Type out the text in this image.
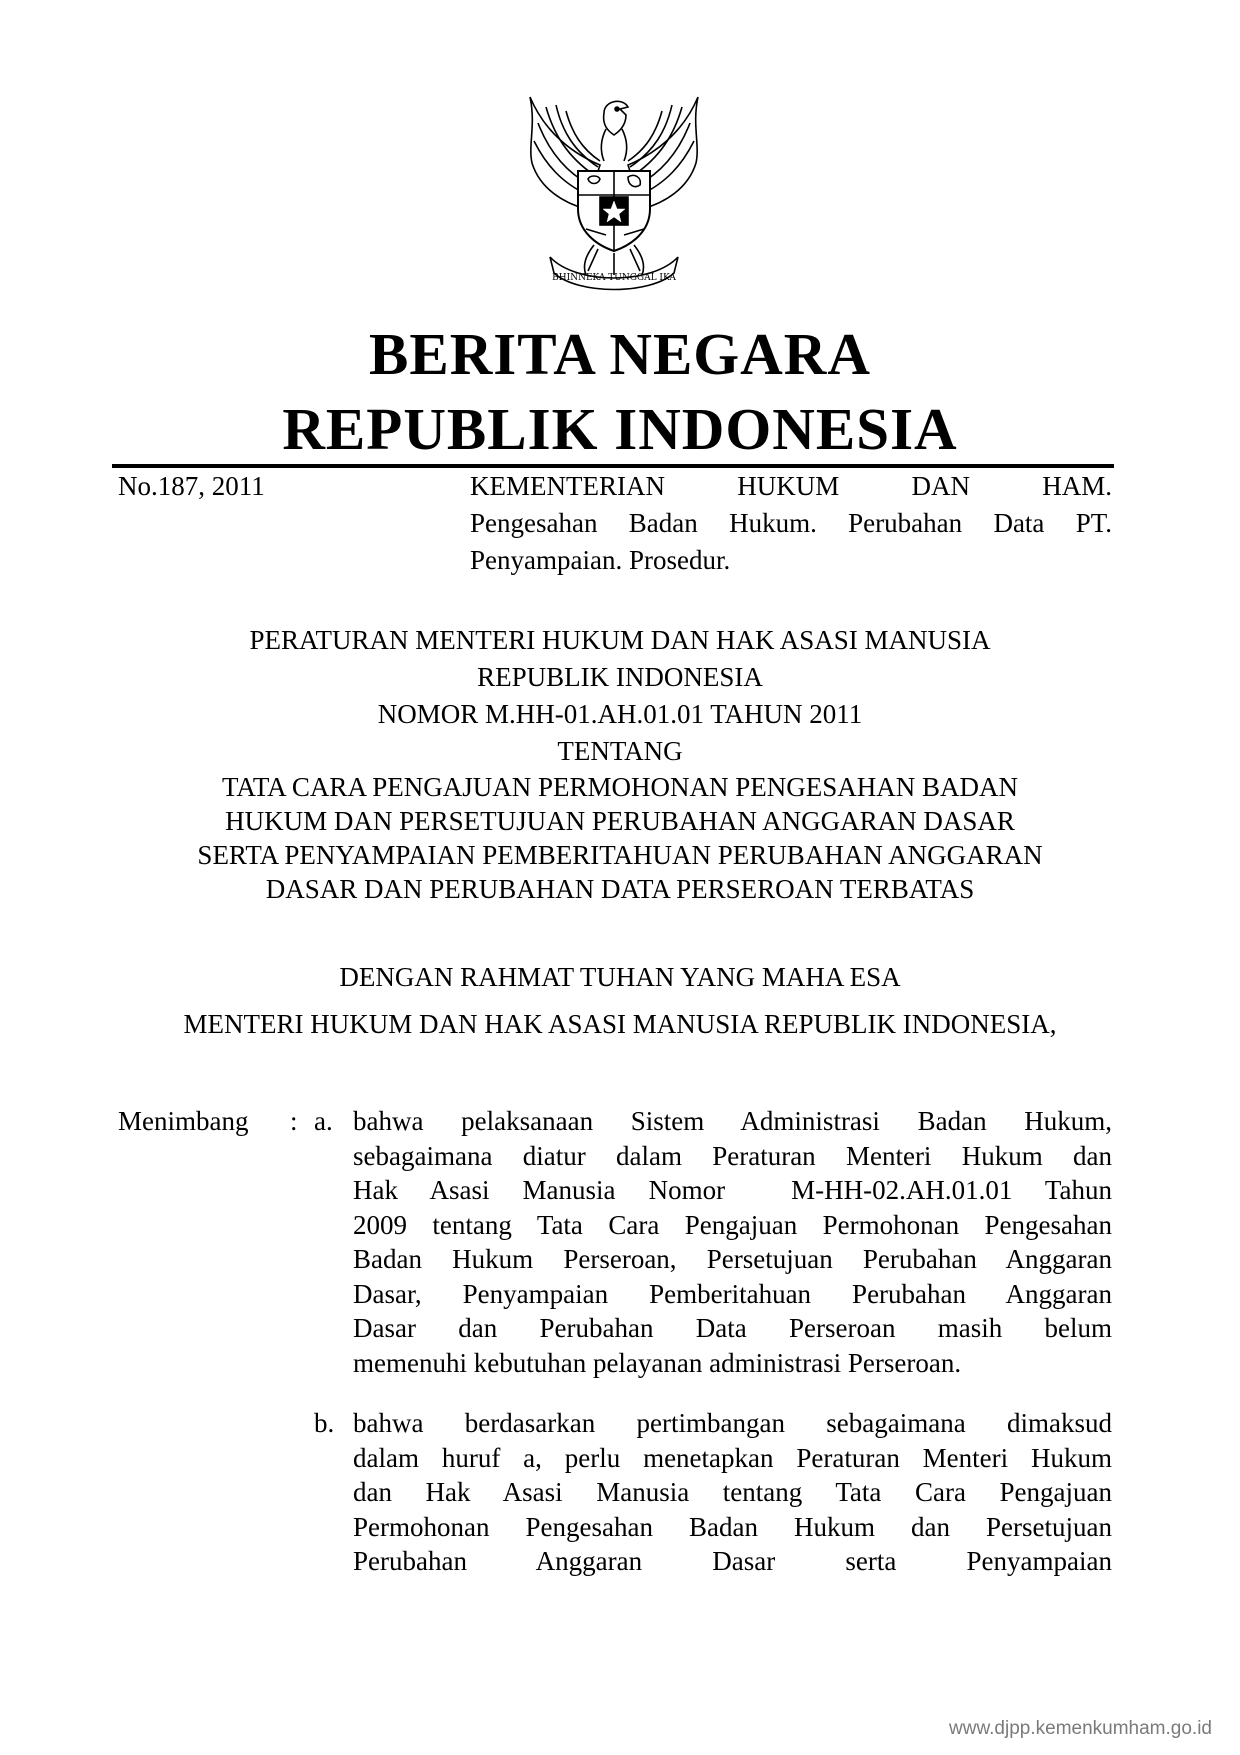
BHINNEKA TUNGGAL IKA
BERITA NEGARA
REPUBLIK INDONESIA
No.187, 2011	KEMENTERIAN HUKUM DAN HAM.
Pengesahan Badan Hukum. Perubahan Data PT.
Penyampaian. Prosedur.
PERATURAN MENTERI HUKUM DAN HAK ASASI MANUSIA
REPUBLIK INDONESIA
NOMOR M.HH-01.AH.01.01 TAHUN 2011
TENTANG
TATA CARA PENGAJUAN PERMOHONAN PENGESAHAN BADAN
HUKUM DAN PERSETUJUAN PERUBAHAN ANGGARAN DASAR
SERTA PENYAMPAIAN PEMBERITAHUAN PERUBAHAN ANGGARAN
DASAR DAN PERUBAHAN DATA PERSEROAN TERBATAS
DENGAN RAHMAT TUHAN YANG MAHA ESA
MENTERI HUKUM DAN HAK ASASI MANUSIA REPUBLIK INDONESIA,
Menimbang : a. bahwa pelaksanaan Sistem Administrasi Badan Hukum,
sebagaimana diatur dalam Peraturan Menteri Hukum dan
Hak Asasi Manusia Nomor  M-HH-02.AH.01.01 Tahun
2009 tentang Tata Cara Pengajuan Permohonan Pengesahan
Badan Hukum Perseroan, Persetujuan Perubahan Anggaran
Dasar, Penyampaian Pemberitahuan Perubahan Anggaran
Dasar dan Perubahan Data Perseroan masih belum
memenuhi kebutuhan pelayanan administrasi Perseroan.
b. bahwa berdasarkan pertimbangan sebagaimana dimaksud
dalam huruf a, perlu menetapkan Peraturan Menteri Hukum
dan Hak Asasi Manusia tentang Tata Cara Pengajuan
Permohonan Pengesahan Badan Hukum dan Persetujuan
Perubahan Anggaran Dasar serta Penyampaian
www.djpp.kemenkumham.go.id
